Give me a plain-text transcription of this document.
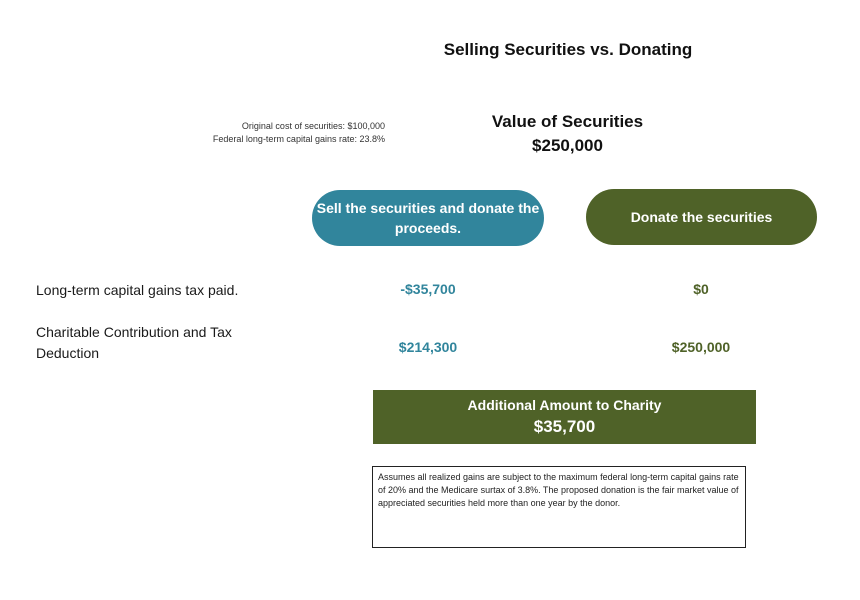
Selling Securities vs. Donating
Original cost of securities: $100,000
Federal long-term capital gains rate: 23.8%
Value of Securities
$250,000
Sell the securities and donate the proceeds.
Donate the securities
Long-term capital gains tax paid.	-$35,700	$0
Charitable Contribution and Tax Deduction	$214,300	$250,000
Additional Amount to Charity
$35,700
Assumes all realized gains are subject to the maximum federal long-term capital gains rate of 20% and the Medicare surtax of 3.8%. The proposed donation is the fair market value of appreciated securities held more than one year by the donor.
